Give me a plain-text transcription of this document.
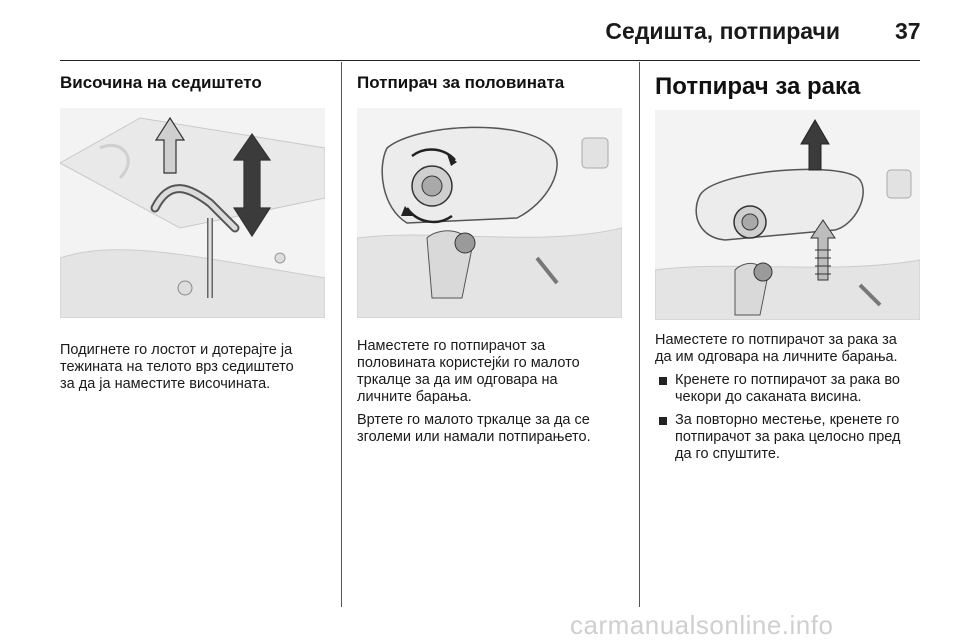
Седишта, потпирачи 37
Височина на седиштето

Подигнете го лостот и дотерајте ја

тежината на телото врз седиштето

за да ја наместите височината.

Потпирач за половината

Наместете го потпирачот за

половината користејќи го малото

тркалце за да им одговара на

личните барања.

Вртете го малото тркалце за да се

зголеми или намали потпирањето.

Потпирач за рака

Наместете го потпирачот за рака за

да им одговара на личните барања.

Кренете го потпирачот за рака во

чекори до саканата висина.

За повторно местење, кренете го

потпирачот за рака целосно пред

да го спуштите.

carmanualsonline.info
